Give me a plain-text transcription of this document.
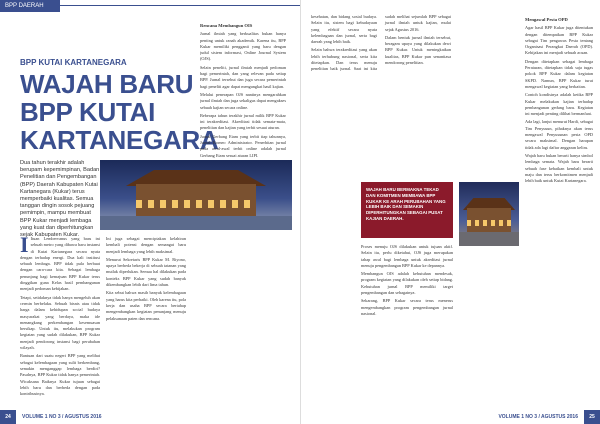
BPP DAERAH
BPP KUTAI KARTANEGARA
WAJAH BARU
BPP KUTAI KARTANEGARA
Dua tahun terakhir adalah berupam kepemimpinan, Badan Penelitian dan Pengembangan (BPP) Daerah Kabupaten Kutai Kartanegara (Kukar) terus memperbaiki kualitas. Semua tanggan dingin sosok pejuang pemimpin, mampu membuat BPP Kukar menjadi lembaga yang kuat dan diperhitungkan sejak Kabupaten Kukar.

I Ituan Lembervanus yang baru ini sebuah metro yang dibawa baru instansi di Kutai Kartanegara secara nyata dengan terhadap energi. Dua kali institusi sebuah lembaga. BPP tidak pula berbuat dengan cara-cara kita. Sebagai lembaga penunjang bagi kemajuan BPP Kukar terus dinggikan guna Kelas hasil pembangunan menjadi pedoman kebijakan.

Tetapi, setidaknya tidak hanya mengeluh akan cermin berbelaku. Sebuah bisnis atau tidak harga dalam kehidupan social budaya masyarakat yang berdaya, maka ide menangkang perkembangan kesemuasan bersikap. Untuk itu, melakukan program kegiatan yang sudah dilakukan, BPP Kukar menjadi pendorong instansi bagi perubahan wilayah.

Bantuan dari suatu negeri BPP yang melihat sebagai kelembagaan yang sulit berkembang, semakin menganggap lembaga berdiri? Pasalnya, BPP Kukar tidak hanya pemerintah. Wicaksana Baiknya Kukar tujuan sebagai lebih baru dan berbeda dengan pada kontribusinya.

Ini juga sebagai menciptakan kelahiran kembali potensi dengan semangat baru menjadi lembaga yang lebih maksimal.

Menurut Sekretaris BPP Kukar M. Riyono, upaya berbeda bekerja di sebuah tatanan yang mutlak diperlukan. Semua hal dilakukan pada konteks BPP Kukar yang sudah banyak dikembangkan lebih dari lima tahun.

Kita sebut bahwa masih banyak kelembagaan yang harus kita perbaiki. Oleh karena itu, pola kerja dan usaha BPP secara bertahap mengembangkan kegiatan penunjang menuju pelaksanaan paten dan rencana.

Rencana Membangun OIS

Jurnal ilmiah yang berkualitas bukan hanya penting untuk ranah akademik. Karena itu, BPP Kukar memiliki pengganti yang baru dengan judul sistem informasi, Online Journal System (OJS).

Selain peneliti, jurnal ilmiah menjadi pedoman bagi pemerintah, dan yang relevan pada setiap BPP. Jurnal tersebut dan juga secara pemerintah bagi peneliti agar dapat mengangkat hasil kajian.

Melalui penerapan OJS nantinya mengarahkan jurnal ilmiah dan juga sekaligus dapat mengakses sebuah kajian secara online.

Beberapa tahun terakhir jurnal milik BPP Kukar ini terakreditasi. Akreditasi tidak semata-mata, penelitian dan kajian yang terbit sesuai aturan.

Jurnal Gerbang Etam yang terbit tiap tahunnya, Jurnal Borneo Administrator. Penerbitan jurnal pada awal-awal terbit online adalah jurnal Gerbang Etam sesuai aturan LIPI.

24	VOLUME 1 NO 3 / AGUSTUS 2016

kesehatan, dan bidang sosial budaya. Selain itu, sistem bagi kebudayaan yang efektif secara nyata kelembagaan dan jurnal, serta bagi daerah yang lebih baik.

Selain bahwa terakreditasi yang akan lebih terhubung nasional, serta kita ditetapkan. Dan terus menuju penelitian baik jurnal. Saat ini kita sudah melihat sejumlah BPP sebagai jurnal ilmiah untuk kajian, mulai sejak Agustus 2016.

Dalam bentuk jurnal ilmiah tersebut, beragam upaya yang dilakukan dewi BPP Kukar. Untuk meningkatkan kualitas, BPP Kukar pun senantiasa mendorong penelitian.

WAJAH BARU BERMAKNA TEKAD DAN KOMITMEN MEMBAWA BPP KUKAR KE ARAH PERUBAHAN YANG LEBIH BAIK DAN SEMAKIN DIPERHITUNGKAN SEBAGAI PUSAT KAJIAN DAERAH.

Proses menuju OJS dilakukan untuk tujuan aktif. Selain itu, perlu diketahui, OJS juga merupakan tahap awal bagi lembaga untuk akreditasi jurnal menuju pengembangan BPP Kukar ke depannya.

Membangun OJS adalah kebutuhan mendesak, program kegiatan yang dilakukan oleh setiap bidang. Kebutuhan jurnal BPP memiliki target pengembangan dan sebagainya.

Sekarang, BPP Kukar secara terus menerus mengembangkan program pengembangan jurnal nasional.

Mengawal Pesta OPD

Agar hasil BPP Kukar juga ditentukan dengan ditempatkan BPP Kukar sebagai Tim pengawas Pesta tentang Organisasi Perangkat Daerah (OPD). Kebijakan ini menjadi sebuah acuan.

Dengan ditetapkan sebagai lembaga Peraturan, ditetapkan tidak saja tugas pokok BPP Kukar dalam kegiatan SKPD. Namun, BPP Kukar turut mengawal kegiatan yang berkaitan.

Contoh kondisinya adalah ketika BPP Kukar melakukan kajian terhadap pembangunan gedung baru. Kegiatan ini menjadi penting dilihat bermanfaat.

Ada lagi, lanjut menurut Hardi, sebagai Tim Penyusun, pihaknya akan terus mengawal Penyusunan pesta OPD secara maksimal. Dengan harapan tidak ada lagi daftar anggaran keliru.

Wajah baru bukan berarti hanya simbol lembaga semata. Wajah baru berarti sebuah fase kebaikan kembali untuk maju dan terus berkomitmen menjadi lebih baik untuk Kutai Kartanegara.

VOLUME 1 NO 3 / AGUSTUS 2016	25
